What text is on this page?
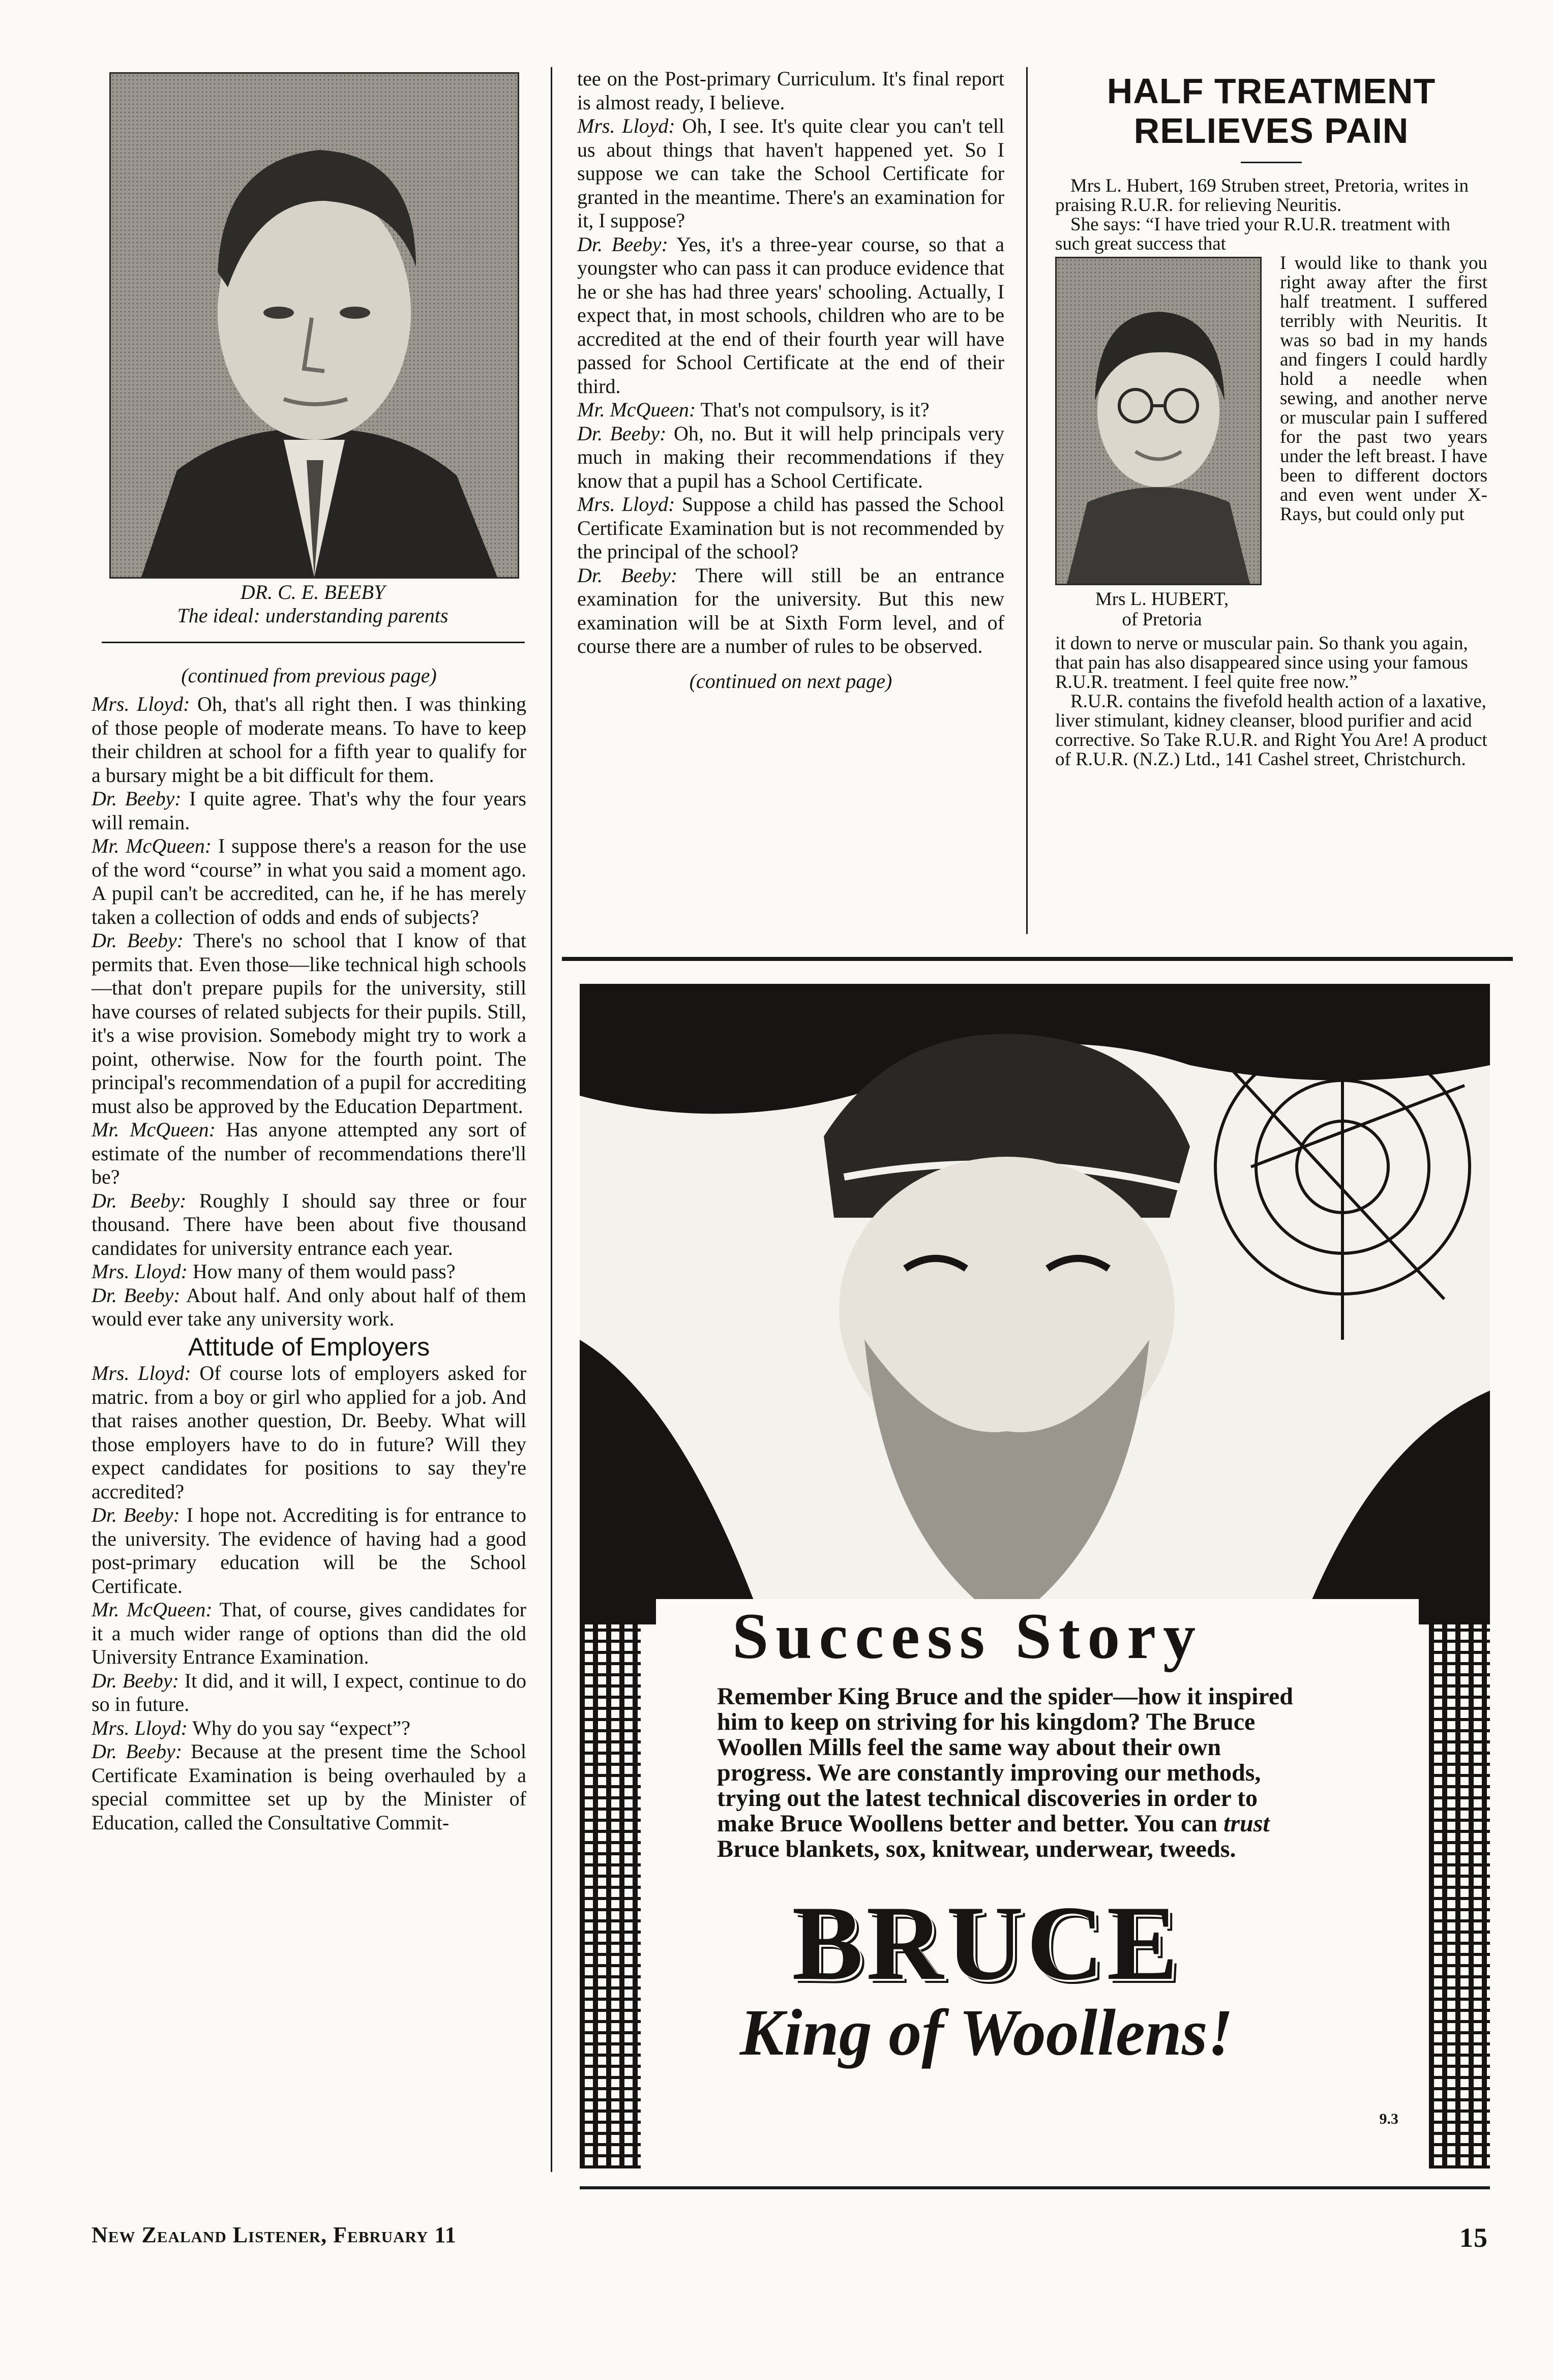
DR. C. E. BEEBY
The ideal: understanding parents

(continued from previous page)

Mrs. Lloyd: Oh, that's all right then. I was thinking of those people of moderate means. To have to keep their children at school for a fifth year to qualify for a bursary might be a bit difficult for them.

Dr. Beeby: I quite agree. That's why the four years will remain.

Mr. McQueen: I suppose there's a reason for the use of the word “course” in what you said a moment ago. A pupil can't be accredited, can he, if he has merely taken a collection of odds and ends of subjects?

Dr. Beeby: There's no school that I know of that permits that. Even those—like technical high schools—that don't prepare pupils for the university, still have courses of related subjects for their pupils. Still, it's a wise provision. Somebody might try to work a point, otherwise. Now for the fourth point. The principal's recommendation of a pupil for accrediting must also be approved by the Education Department.

Mr. McQueen: Has anyone attempted any sort of estimate of the number of recommendations there'll be?

Dr. Beeby: Roughly I should say three or four thousand. There have been about five thousand candidates for university entrance each year.

Mrs. Lloyd: How many of them would pass?

Dr. Beeby: About half. And only about half of them would ever take any university work.

Attitude of Employers

Mrs. Lloyd: Of course lots of employers asked for matric. from a boy or girl who applied for a job. And that raises another question, Dr. Beeby. What will those employers have to do in future? Will they expect candidates for positions to say they're accredited?

Dr. Beeby: I hope not. Accrediting is for entrance to the university. The evidence of having had a good post-primary education will be the School Certificate.

Mr. McQueen: That, of course, gives candidates for it a much wider range of options than did the old University Entrance Examination.

Dr. Beeby: It did, and it will, I expect, continue to do so in future.

Mrs. Lloyd: Why do you say “expect”?

Dr. Beeby: Because at the present time the School Certificate Examination is being overhauled by a special committee set up by the Minister of Education, called the Consultative Commit-

tee on the Post-primary Curriculum. It's final report is almost ready, I believe.

Mrs. Lloyd: Oh, I see. It's quite clear you can't tell us about things that haven't happened yet. So I suppose we can take the School Certificate for granted in the meantime. There's an examination for it, I suppose?

Dr. Beeby: Yes, it's a three-year course, so that a youngster who can pass it can produce evidence that he or she has had three years' schooling. Actually, I expect that, in most schools, children who are to be accredited at the end of their fourth year will have passed for School Certificate at the end of their third.

Mr. McQueen: That's not compulsory, is it?

Dr. Beeby: Oh, no. But it will help principals very much in making their recommendations if they know that a pupil has a School Certificate.

Mrs. Lloyd: Suppose a child has passed the School Certificate Examination but is not recommended by the principal of the school?

Dr. Beeby: There will still be an entrance examination for the university. But this new examination will be at Sixth Form level, and of course there are a number of rules to be observed.

(continued on next page)

HALF TREATMENT
RELIEVES PAIN

Mrs L. Hubert, 169 Struben street, Pretoria, writes in praising R.U.R. for relieving Neuritis.

She says: “I have tried your R.U.R. treatment with such great success that

Mrs L. HUBERT,
of Pretoria

I would like to thank you right away after the first half treatment. I suffered terribly with Neuritis. It was so bad in my hands and fingers I could hardly hold a needle when sewing, and another nerve or muscular pain I suffered for the past two years under the left breast. I have been to different doctors and even went under X-Rays, but could only put

it down to nerve or muscular pain. So thank you again, that pain has also disappeared since using your famous R.U.R. treatment. I feel quite free now.”

R.U.R. contains the fivefold health action of a laxative, liver stimulant, kidney cleanser, blood purifier and acid corrective. So Take R.U.R. and Right You Are! A product of R.U.R. (N.Z.) Ltd., 141 Cashel street, Christchurch.

Success Story
Remember King Bruce and the spider—how it inspired him to keep on striving for his kingdom? The Bruce Woollen Mills feel the same way about their own progress. We are constantly improving our methods, trying out the latest technical discoveries in order to make Bruce Woollens better and better. You can trust Bruce blankets, sox, knitwear, underwear, tweeds.
BRUCE
King of Woollens!
9.3
New Zealand Listener, February 11	15
